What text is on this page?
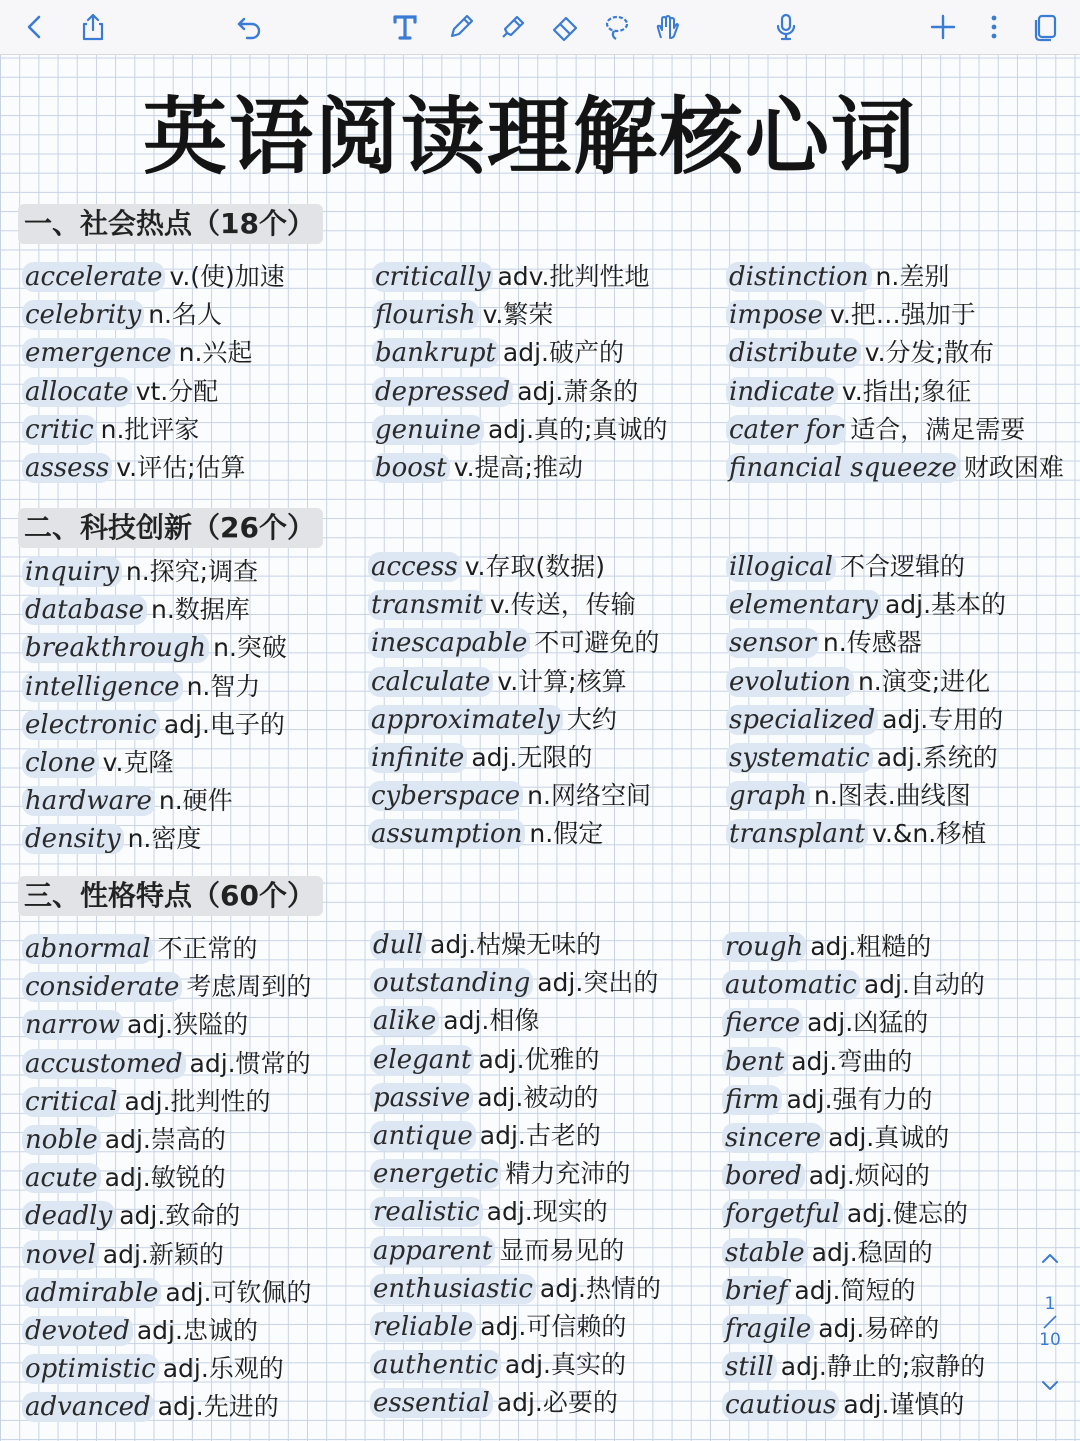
英语阅读理解核心词
一、社会热点（18个）
二、科技创新（26个）
三、性格特点（60个）
accelerate v.(使)加速
celebrity n.名人
emergence n.兴起
allocate vt.分配
critic n.批评家
assess v.评估;估算
critically adv.批判性地
flourish v.繁荣
bankrupt adj.破产的
depressed adj.萧条的
genuine adj.真的;真诚的
boost v.提高;推动
distinction n.差别
impose v.把…强加于
distribute v.分发;散布
indicate v.指出;象征
cater for 适合，满足需要
financial squeeze 财政困难
inquiry n.探究;调查
database n.数据库
breakthrough n.突破
intelligence n.智力
electronic adj.电子的
clone v.克隆
hardware n.硬件
density n.密度
access v.存取(数据)
transmit v.传送，传输
inescapable 不可避免的
calculate v.计算;核算
approximately 大约
infinite adj.无限的
cyberspace n.网络空间
assumption n.假定
illogical 不合逻辑的
elementary adj.基本的
sensor n.传感器
evolution n.演变;进化
specialized adj.专用的
systematic adj.系统的
graph n.图表.曲线图
transplant v.&n.移植
abnormal 不正常的
considerate 考虑周到的
narrow adj.狭隘的
accustomed adj.惯常的
critical adj.批判性的
noble adj.崇高的
acute adj.敏锐的
deadly adj.致命的
novel adj.新颖的
admirable adj.可钦佩的
devoted adj.忠诚的
optimistic adj.乐观的
advanced adj.先进的
dull adj.枯燥无味的
outstanding adj.突出的
alike adj.相像
elegant adj.优雅的
passive adj.被动的
antique adj.古老的
energetic 精力充沛的
realistic adj.现实的
apparent 显而易见的
enthusiastic adj.热情的
reliable adj.可信赖的
authentic adj.真实的
essential adj.必要的
rough adj.粗糙的
automatic adj.自动的
fierce adj.凶猛的
bent adj.弯曲的
firm adj.强有力的
sincere adj.真诚的
bored adj.烦闷的
forgetful adj.健忘的
stable adj.稳固的
brief adj.简短的
fragile adj.易碎的
still adj.静止的;寂静的
cautious adj.谨慎的
1
10
